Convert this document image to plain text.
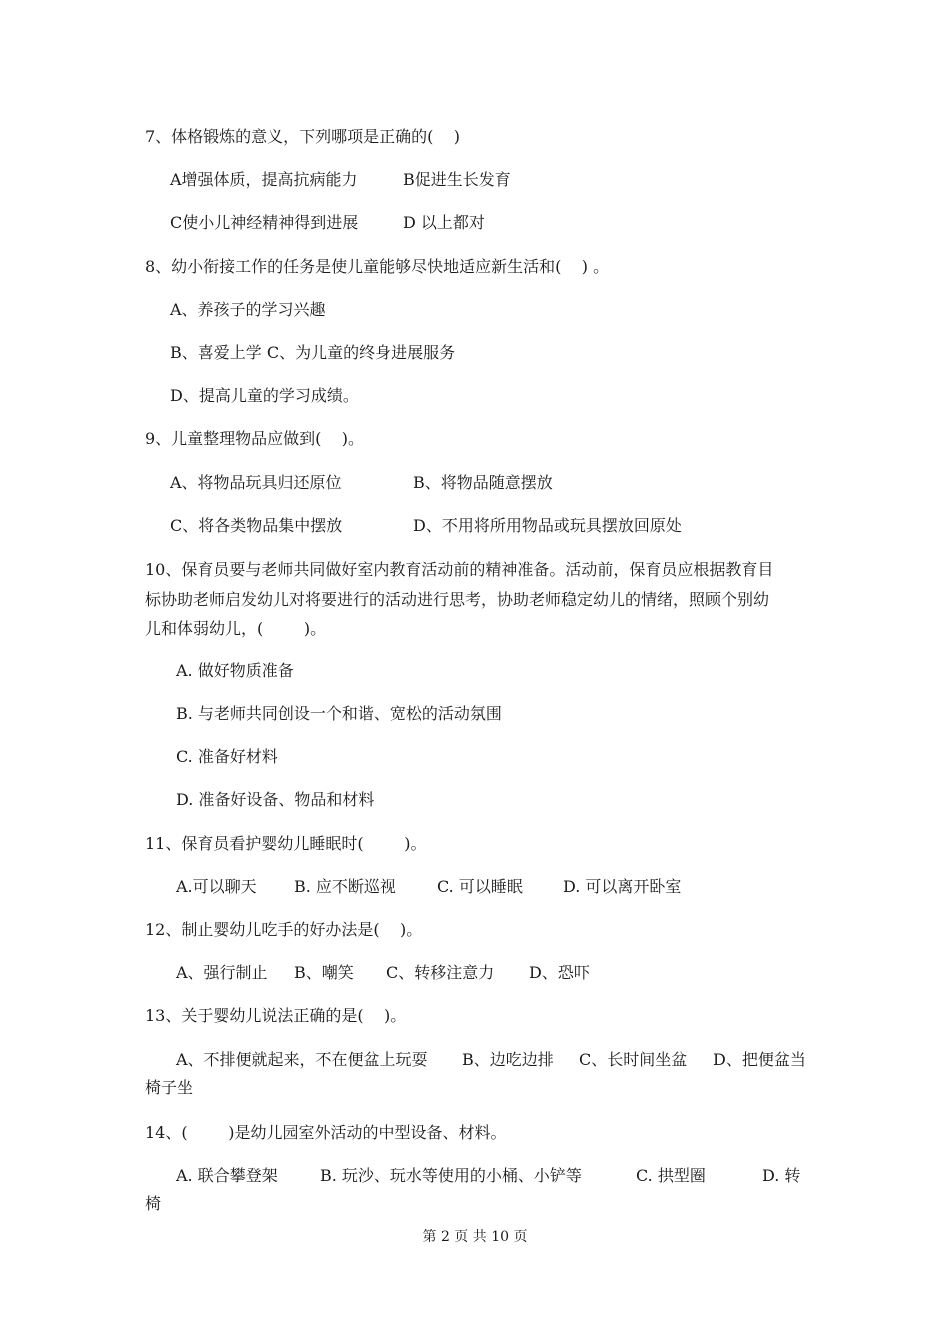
7、体格锻炼的意义，下列哪项是正确的(    )
A增强体质，提高抗病能力	B促进生长发育
C使小儿神经精神得到进展	D 以上都对
8、幼小衔接工作的任务是使儿童能够尽快地适应新生活和(    ) 。
A、养孩子的学习兴趣
B、喜爱上学 C、为儿童的终身进展服务
D、提高儿童的学习成绩。
9、儿童整理物品应做到(    )。
A、将物品玩具归还原位	B、将物品随意摆放
C、将各类物品集中摆放	D、不用将所用物品或玩具摆放回原处
10、保育员要与老师共同做好室内教育活动前的精神准备。活动前，保育员应根据教育目
标协助老师启发幼儿对将要进行的活动进行思考，协助老师稳定幼儿的情绪，照顾个别幼
儿和体弱幼儿，(        )。
A. 做好物质准备
B. 与老师共同创设一个和谐、宽松的活动氛围
C. 准备好材料
D. 准备好设备、物品和材料
11、保育员看护婴幼儿睡眠时(        )。
A.可以聊天 B. 应不断巡视	C. 可以睡眠	D. 可以离开卧室
12、制止婴幼儿吃手的好办法是(    )。
A、强行制止 B、嘲笑 C、转移注意力 D、恐吓
13、关于婴幼儿说法正确的是(    )。
A、不排便就起来，不在便盆上玩耍 B、边吃边排 C、长时间坐盆 D、把便盆当
椅子坐
14、(        )是幼儿园室外活动的中型设备、材料。
A. 联合攀登架	B. 玩沙、玩水等使用的小桶、小铲等	C. 拱型圈	D. 转
椅
第 2 页 共 10 页
